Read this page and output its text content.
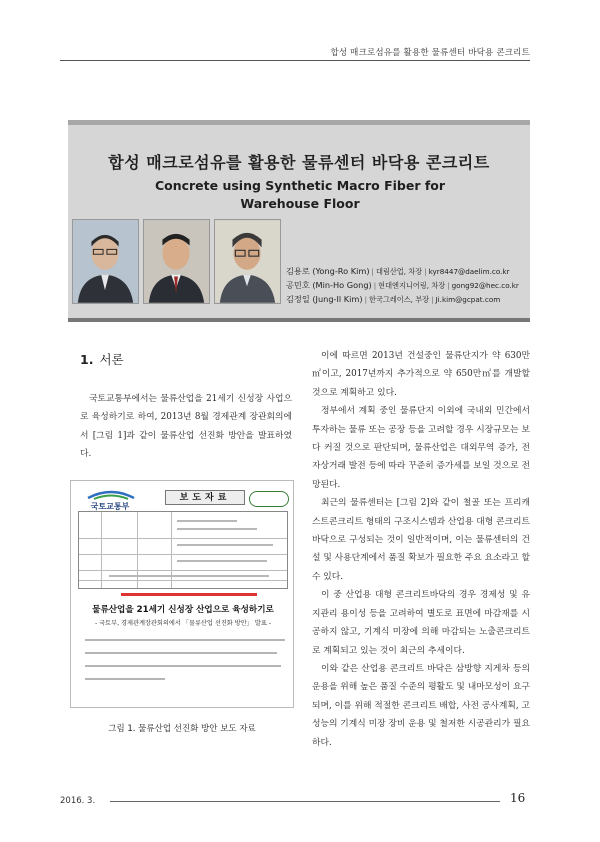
합성 매크로섬유를 활용한 물류센터 바닥용 콘크리트
합성 매크로섬유를 활용한 물류센터 바닥용 콘크리트
Concrete using Synthetic Macro Fiber for
Warehouse Floor
김용로 (Yong-Ro Kim) | 대림산업, 차장 | kyr8447@daelim.co.kr
공민호 (Min-Ho Gong) | 현대엔지니어링, 차장 | gong92@hec.co.kr
김정일 (Jung-Il Kim) | 한국그레이스, 부장 | Ji.kim@gcpat.com
1. 서론

국토교통부에서는 물류산업을 21세기 신성장 사업으로 육성하기로 하여, 2013년 8월 경제관계 장관회의에서 [그림 1]과 같이 물류산업 선진화 방안을 발표하였다.

국토교통부
보도자료
물류산업을 21세기 신성장 산업으로 육성하기로
- 국토부, 경제관계장관회의에서 「물류산업 선진화 방안」 발표 -
그림 1. 물류산업 선진화 방안 보도 자료

이에 따르면 2013년 건설중인 물류단지가 약 630만㎡이고, 2017년까지 추가적으로 약 650만㎡를 개발할 것으로 계획하고 있다.

정부에서 계획 중인 물류단지 이외에 국내외 민간에서 투자하는 물류 또는 공장 등을 고려할 경우 시장규모는 보다 커질 것으로 판단되며, 물류산업은 대외무역 증가, 전자상거래 발전 등에 따라 꾸준히 증가세를 보일 것으로 전망된다.

최근의 물류센터는 [그림 2]와 같이 철골 또는 프리캐스트콘크리트 형태의 구조시스템과 산업용 대형 콘크리트바닥으로 구성되는 것이 일반적이며, 이는 물류센터의 건설 및 사용단계에서 품질 확보가 필요한 주요 요소라고 할 수 있다.

이 중 산업용 대형 콘크리트바닥의 경우 경제성 및 유지관리 용이성 등을 고려하여 별도로 표면에 마감재를 시공하지 않고, 기계식 미장에 의해 마감되는 노출콘크리트로 계획되고 있는 것이 최근의 추세이다.

이와 같은 산업용 콘크리트 바닥은 삼방향 지게차 등의 운용을 위해 높은 품질 수준의 평활도 및 내마모성이 요구되며, 이를 위해 적절한 콘크리트 배합, 사전 공사계획, 고성능의 기계식 미장 장비 운용 및 철저한 시공관리가 필요하다.

2016. 3.	16
